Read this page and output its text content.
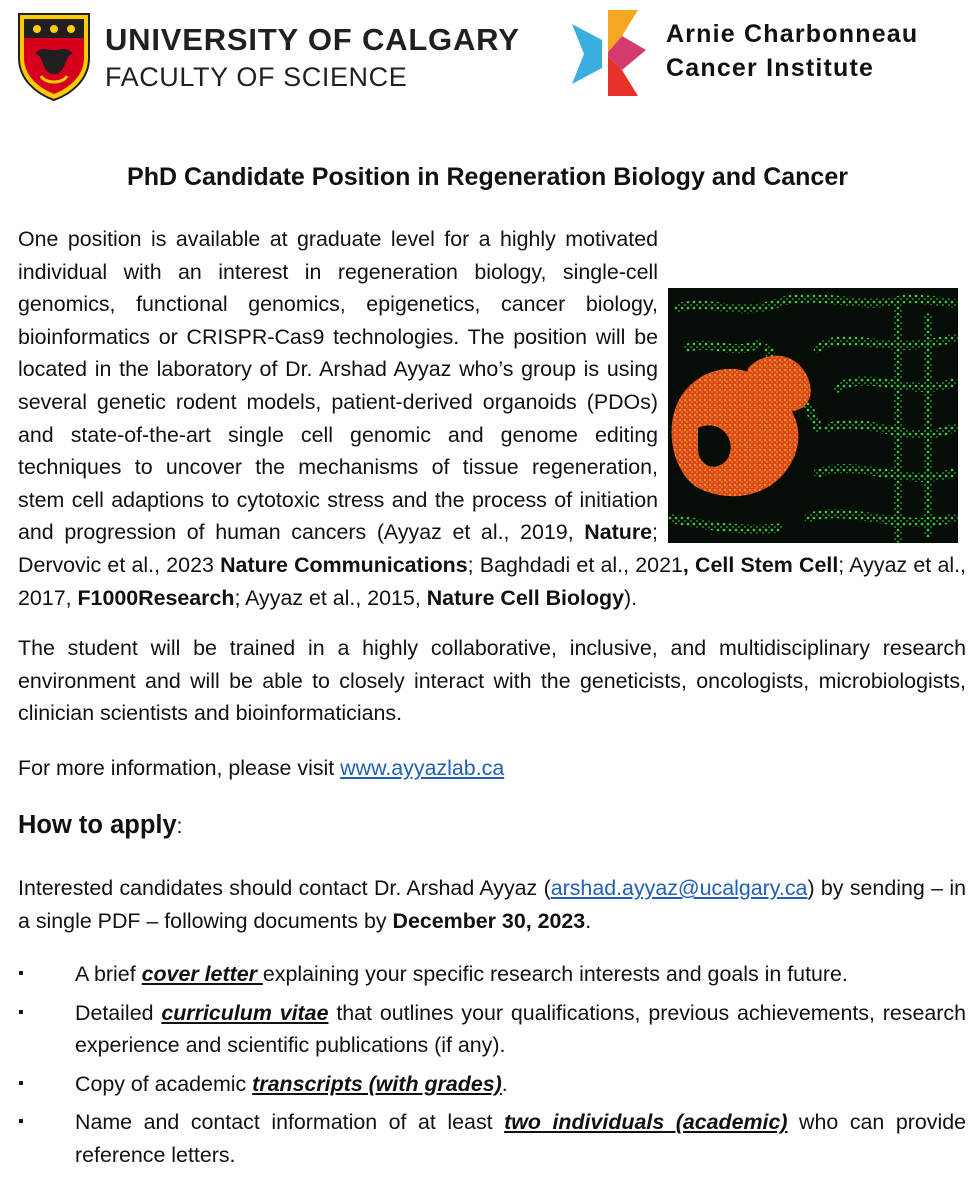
UNIVERSITY OF CALGARY
FACULTY OF SCIENCE
Arnie Charbonneau
Cancer Institute
PhD Candidate Position in Regeneration Biology and Cancer

One position is available at graduate level for a highly motivated individual with an interest in regeneration biology, single-cell genomics, functional genomics, epigenetics, cancer biology, bioinformatics or CRISPR-Cas9 technologies. The position will be located in the laboratory of Dr. Arshad Ayyaz who’s group is using several genetic rodent models, patient-derived organoids (PDOs) and state-of-the-art single cell genomic and genome editing techniques to uncover the mechanisms of tissue regeneration, stem cell adaptions to cytotoxic stress and the process of initiation and progression of human cancers (Ayyaz et al., 2019, Nature; Dervovic et al., 2023 Nature Communications; Baghdadi et al., 2021, Cell Stem Cell; Ayyaz et al., 2017, F1000Research; Ayyaz et al., 2015, Nature Cell Biology).

The student will be trained in a highly collaborative, inclusive, and multidisciplinary research environment and will be able to closely interact with the geneticists, oncologists, microbiologists, clinician scientists and bioinformaticians.

For more information, please visit www.ayyazlab.ca

How to apply:

Interested candidates should contact Dr. Arshad Ayyaz (arshad.ayyaz@ucalgary.ca) by sending – in a single PDF – following documents by December 30, 2023.

▪ A brief cover letter explaining your specific research interests and goals in future.
▪ Detailed curriculum vitae that outlines your qualifications, previous achievements, research experience and scientific publications (if any).
▪ Copy of academic transcripts (with grades).
▪ Name and contact information of at least two individuals (academic) who can provide reference letters.
